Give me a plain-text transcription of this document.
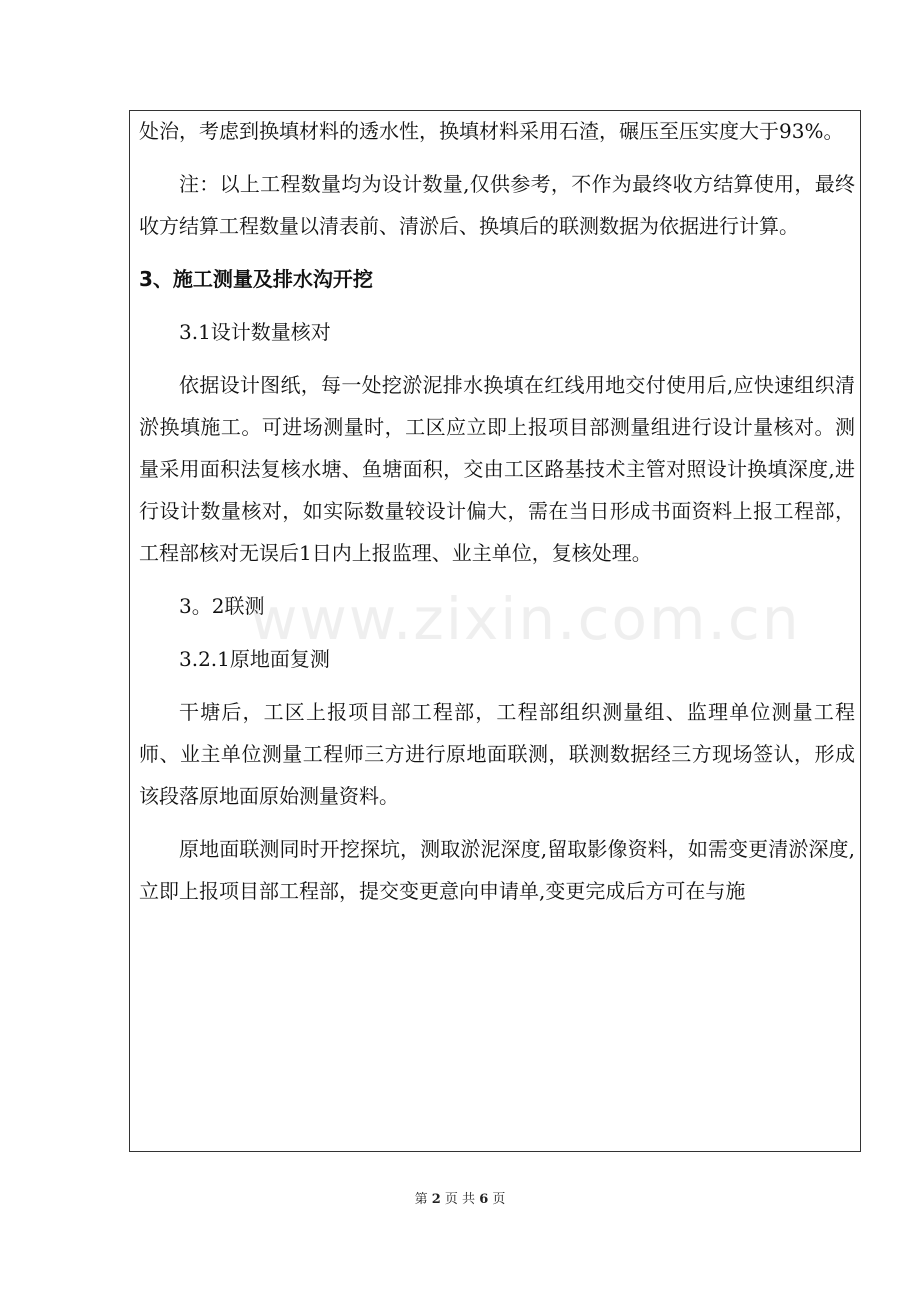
处治，考虑到换填材料的透水性，换填材料采用石渣，碾压至压实度大于93%。

注：以上工程数量均为设计数量,仅供参考，不作为最终收方结算使用，最终收方结算工程数量以清表前、清淤后、换填后的联测数据为依据进行计算。

3、施工测量及排水沟开挖

3.1设计数量核对

依据设计图纸，每一处挖淤泥排水换填在红线用地交付使用后,应快速组织清淤换填施工。可进场测量时，工区应立即上报项目部测量组进行设计量核对。测量采用面积法复核水塘、鱼塘面积，交由工区路基技术主管对照设计换填深度,进行设计数量核对，如实际数量较设计偏大，需在当日形成书面资料上报工程部，工程部核对无误后1日内上报监理、业主单位，复核处理。

3。2联测

3.2.1原地面复测

干塘后，工区上报项目部工程部，工程部组织测量组、监理单位测量工程师、业主单位测量工程师三方进行原地面联测，联测数据经三方现场签认，形成该段落原地面原始测量资料。

原地面联测同时开挖探坑，测取淤泥深度,留取影像资料，如需变更清淤深度,立即上报项目部工程部，提交变更意向申请单,变更完成后方可在与施

www.zixin.com.cn
第 2 页 共 6 页
